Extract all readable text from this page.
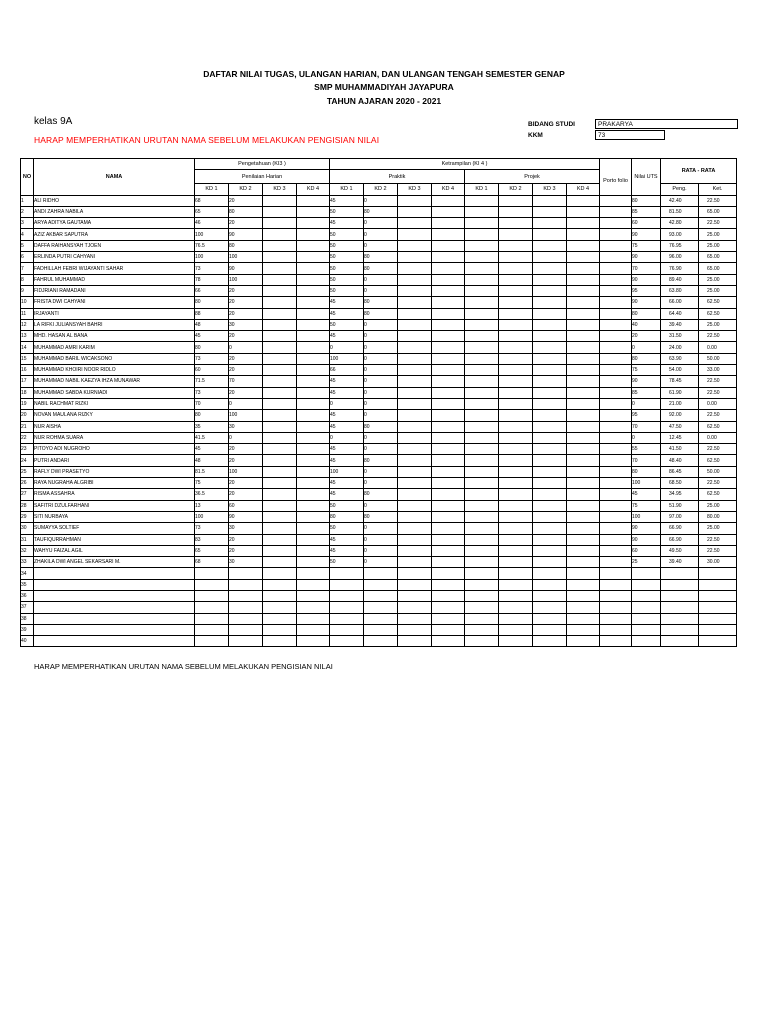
DAFTAR NILAI TUGAS, ULANGAN HARIAN, DAN ULANGAN TENGAH SEMESTER GENAP
SMP MUHAMMADIYAH JAYAPURA
TAHUN AJARAN 2020 - 2021
kelas 9A
HARAP MEMPERHATIKAN URUTAN NAMA SEBELUM MELAKUKAN PENGISIAN NILAI
BIDANG STUDI	PRAKARYA
KKM	73
NO	NAMA	Pengetahuan (KI3 )				Ketrampilan (KI 4 )								Porto folio	Nilai UTS	RATA - RATA	
		Penilaian Harian				Praktik				Projek							
		KD 1	KD 2	KD 3	KD 4	KD 1	KD 2	KD 3	KD 4	KD 1	KD 2	KD 3	KD 4			Peng.	Ket.
1	ALI RIDHO	68	20			45	0								80	42.40	22.50
2	ANDI ZAHRA NABILA	65	80			50	80								85	81.50	65.00
3	ARYA ADITYA GAUTAMA	46	20			45	0								60	42.80	22.50
4	AZIZ AKBAR SAPUTRA	100	90			50	0								90	93.00	25.00
5	DAFFA RAIHANSYAH TJOEN	76.5	80			50	0								75	76.95	25.00
6	ERLINDA PUTRI CAHYANI	100	100			50	80								90	96.00	65.00
7	FADHILLAH FEBRI WIJAYANTI SAHAR	73	90			50	80								70	76.90	65.00
8	FAHRUL MUHAMMAD	78	100			50	0								90	89.40	25.00
9	FIDJRIANI RAMADANI	66	20			50	0								95	63.80	25.00
10	FRISTA DWI CAHYANI	80	20			45	80								90	66.00	62.50
11	IRJAYANTI	88	20			45	80								80	64.40	62.50
12	LA RIFKI JULIANSYAH BAHRI	48	30			50	0								40	39.40	25.00
13	MHD. HASAN AL BANA	45	20			45	0								20	31.50	22.50
14	MUHAMMAD AMRI KARIM	80	0			0	0								0	24.00	0.00
15	MUHAMMAD BARIL WICAKSONO	73	20			100	0								80	63.90	50.00
16	MUHAMMAD KHOIRI NOOR RIDLO	60	20			66	0								75	54.00	33.00
17	MUHAMMAD NABIL KAEZYA IHZA MUNAWAR	71.5	70			45	0								90	78.45	22.50
18	MUHAMMAD SABDA KURNIADI	73	20			45	0								85	61.90	22.50
19	NABIL RACHMAT RIZKI	70	0			0	0								0	21.00	0.00
20	NOVAN MAULANA RIZKY	80	100			45	0								95	92.00	22.50
21	NUR AISHA	35	30			45	80								70	47.50	62.50
22	NUR ROHMA SUARA	41.5	0			0	0								0	12.45	0.00
23	PITOYO ADI NUGROHO	45	20			45	0								55	41.50	22.50
24	PUTRI ANDARI	48	20			45	80								70	48.40	62.50
25	RAFLY DWI PRASETYO	81.5	100			100	0								80	86.45	50.00
26	RAYA NUGRAHA ALGRIBI	75	20			45	0								100	68.50	22.50
27	RISMA ASSAHRA	36.5	20			45	80								45	34.95	62.50
28	SAFITRI DZULFARHANI	13	60			50	0								75	51.90	25.00
29	SITI NURBAYA	100	90			80	80								100	97.00	80.00
30	SUMAYYA SOLTIEF	73	30			50	0								90	66.90	25.00
31	TAUFIQURRAHMAN	83	20			45	0								90	66.90	22.50
32	WAHYU FAIZAL AGIL	65	20			45	0								60	49.50	22.50
33	ZHAKILA DWI ANGEL SEKARSARI M.	68	30			50	0								25	39.40	30.00
34																	
35																	
36																	
37																	
38																	
39																	
40																	
HARAP MEMPERHATIKAN URUTAN NAMA SEBELUM MELAKUKAN PENGISIAN NILAI
